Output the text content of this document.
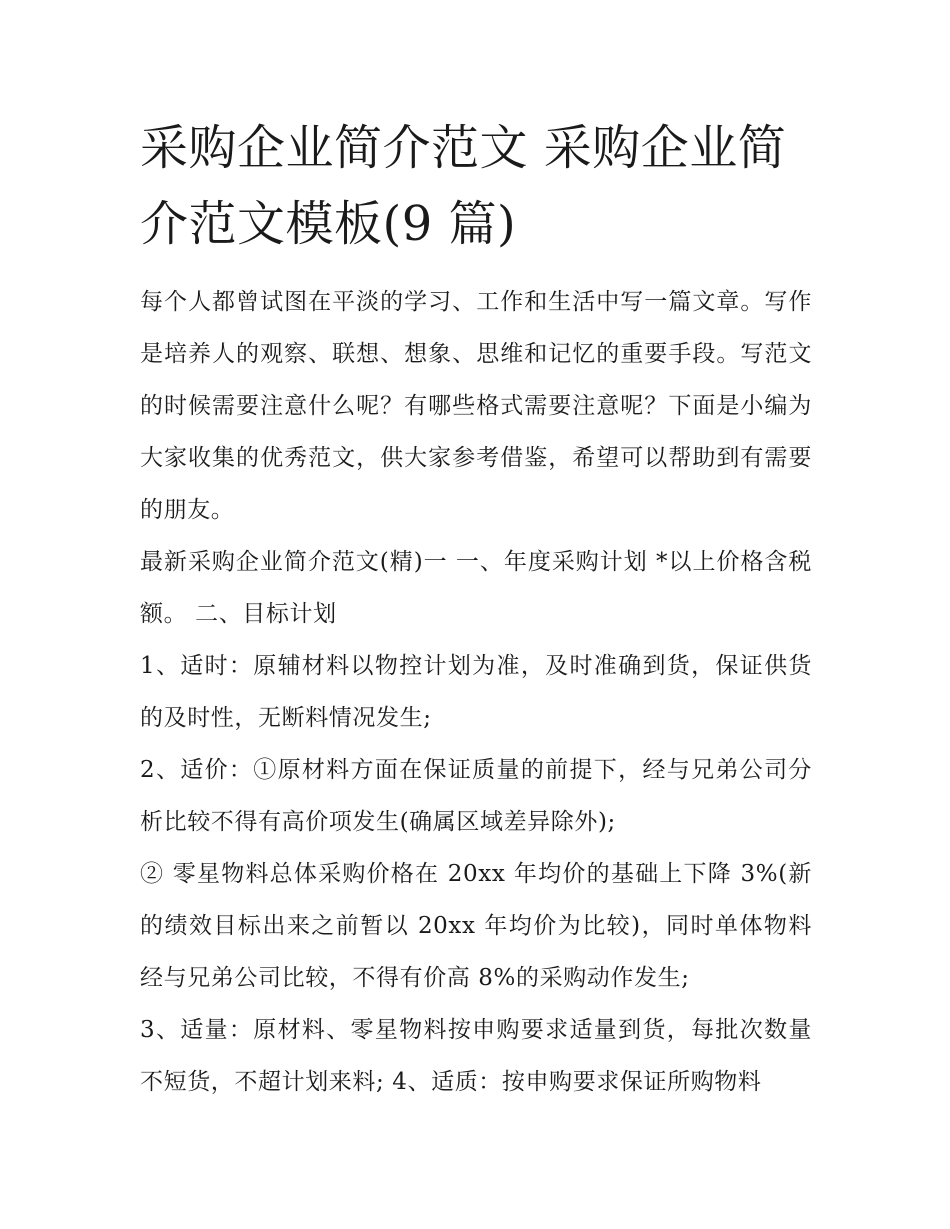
采购企业简介范文 采购企业简介范文模板(9 篇)

每个人都曾试图在平淡的学习、工作和生活中写一篇文章。写作是培养人的观察、联想、想象、思维和记忆的重要手段。写范文的时候需要注意什么呢？有哪些格式需要注意呢？下面是小编为大家收集的优秀范文，供大家参考借鉴，希望可以帮助到有需要的朋友。

最新采购企业简介范文(精)一 一、年度采购计划 *以上价格含税额。 二、目标计划

1、适时：原辅材料以物控计划为准，及时准确到货，保证供货的及时性，无断料情况发生;

2、适价：①原材料方面在保证质量的前提下，经与兄弟公司分析比较不得有高价项发生(确属区域差异除外);

② 零星物料总体采购价格在 20xx 年均价的基础上下降 3%(新的绩效目标出来之前暂以 20xx 年均价为比较)，同时单体物料经与兄弟公司比较，不得有价高 8%的采购动作发生;

3、适量：原材料、零星物料按申购要求适量到货，每批次数量不短货，不超计划来料; 4、适质：按申购要求保证所购物料
